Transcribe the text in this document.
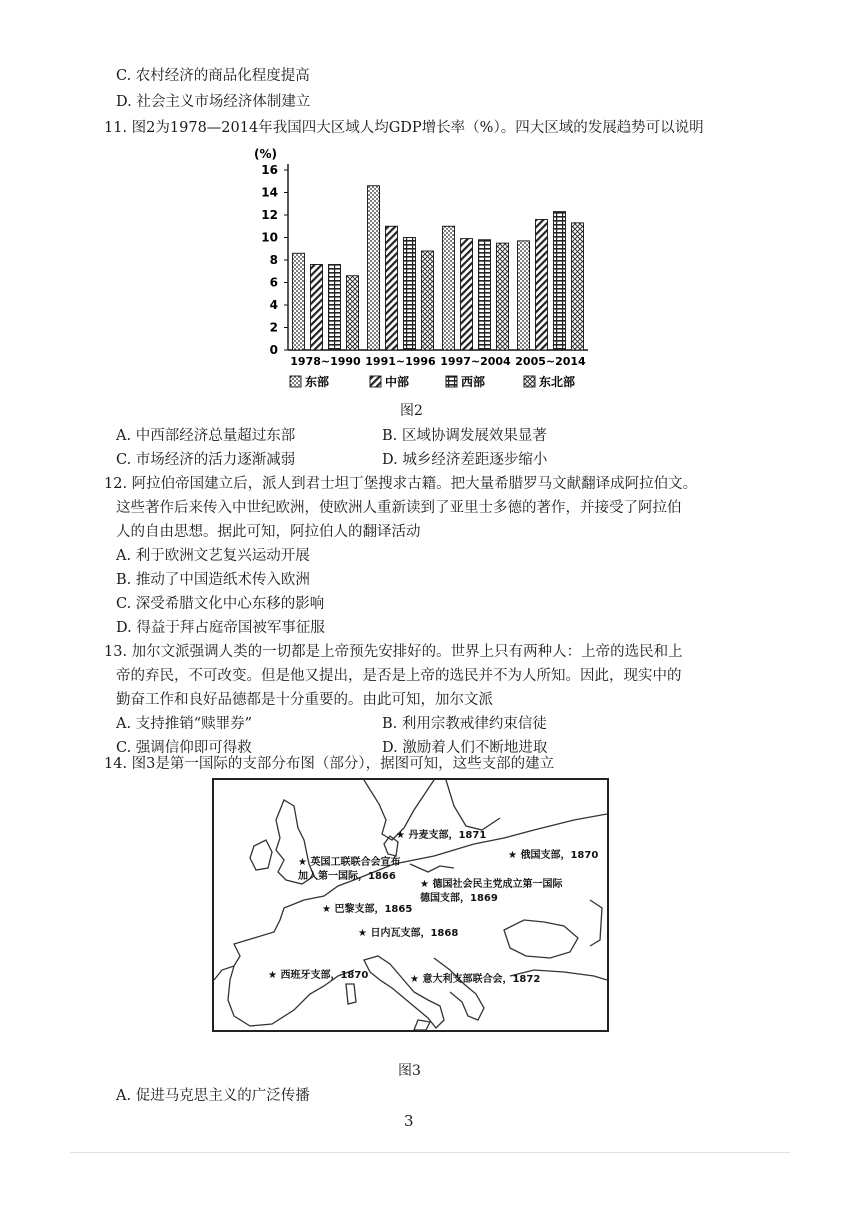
C. 农村经济的商品化程度提高
D. 社会主义市场经济体制建立
11. 图2为1978—2014年我国四大区域人均GDP增长率（%）。四大区域的发展趋势可以说明
(%)
0
2
4
6
8
10
12
14
16
1978~1990 1991~1996 1997~2004 2005~2014
东部	中部	西部	东北部
图2
A. 中西部经济总量超过东部	B. 区域协调发展效果显著
C. 市场经济的活力逐渐减弱	D. 城乡经济差距逐步缩小
12. 阿拉伯帝国建立后，派人到君士坦丁堡搜求古籍。把大量希腊罗马文献翻译成阿拉伯文。
这些著作后来传入中世纪欧洲，使欧洲人重新读到了亚里士多德的著作，并接受了阿拉伯
人的自由思想。据此可知，阿拉伯人的翻译活动
A. 利于欧洲文艺复兴运动开展
B. 推动了中国造纸术传入欧洲
C. 深受希腊文化中心东移的影响
D. 得益于拜占庭帝国被军事征服
13. 加尔文派强调人类的一切都是上帝预先安排好的。世界上只有两种人：上帝的选民和上
帝的弃民，不可改变。但是他又提出，是否是上帝的选民并不为人所知。因此，现实中的
勤奋工作和良好品德都是十分重要的。由此可知，加尔文派
A. 支持推销“赎罪券”	B. 利用宗教戒律约束信徒
C. 强调信仰即可得救	D. 激励着人们不断地进取
14. 图3是第一国际的支部分布图（部分），据图可知，这些支部的建立
★ 丹麦支部，1871
★ 俄国支部，1870
★ 英国工联联合会宣布加入第一国际，1866
★ 德国社会民主党成立第一国际德国支部，1869
★ 巴黎支部，1865
★ 日内瓦支部，1868
★ 西班牙支部，1870	★ 意大利支部联合会，1872
图3
A. 促进马克思主义的广泛传播
3
